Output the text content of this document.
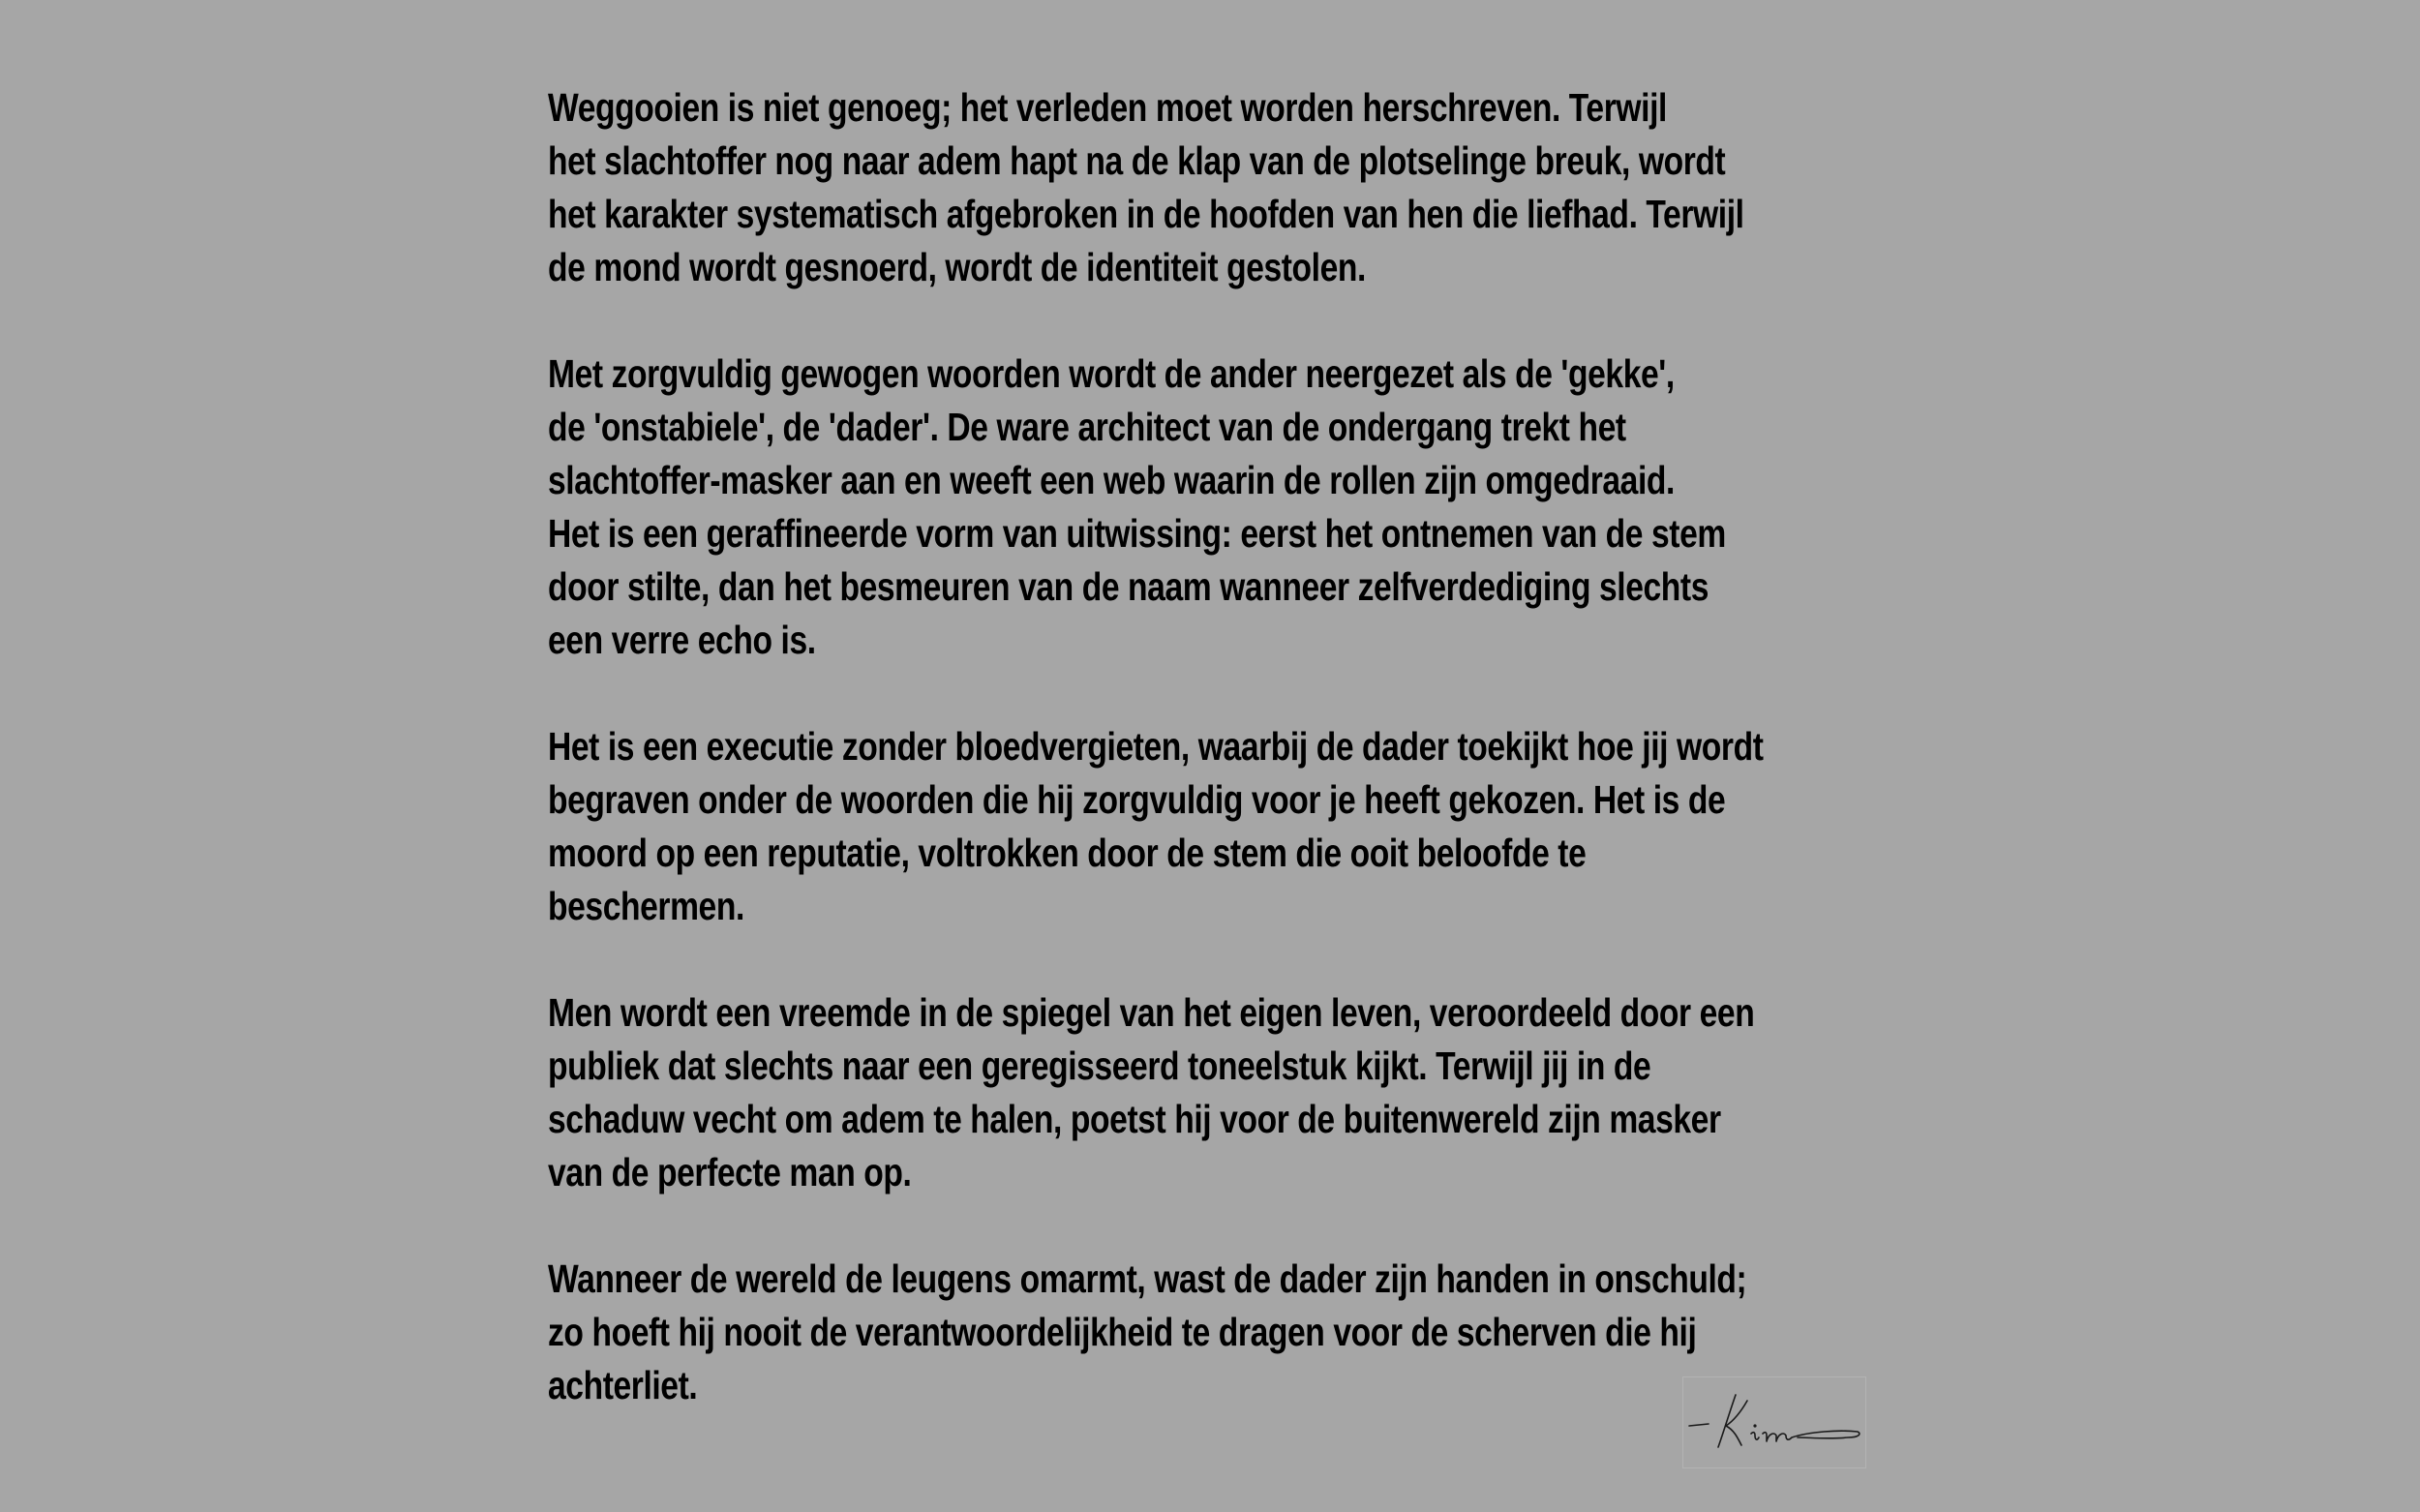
Weggooien is niet genoeg; het verleden moet worden herschreven. Terwijl
het slachtoffer nog naar adem hapt na de klap van de plotselinge breuk, wordt
het karakter systematisch afgebroken in de hoofden van hen die liefhad. Terwijl
de mond wordt gesnoerd, wordt de identiteit gestolen.

Met zorgvuldig gewogen woorden wordt de ander neergezet als de 'gekke',
de 'onstabiele', de 'dader'. De ware architect van de ondergang trekt het
slachtoffer-masker aan en weeft een web waarin de rollen zijn omgedraaid.
Het is een geraffineerde vorm van uitwissing: eerst het ontnemen van de stem
door stilte, dan het besmeuren van de naam wanneer zelfverdediging slechts
een verre echo is.

Het is een executie zonder bloedvergieten, waarbij de dader toekijkt hoe jij wordt
begraven onder de woorden die hij zorgvuldig voor je heeft gekozen. Het is de
moord op een reputatie, voltrokken door de stem die ooit beloofde te
beschermen.

Men wordt een vreemde in de spiegel van het eigen leven, veroordeeld door een
publiek dat slechts naar een geregisseerd toneelstuk kijkt. Terwijl jij in de
schaduw vecht om adem te halen, poetst hij voor de buitenwereld zijn masker
van de perfecte man op.

Wanneer de wereld de leugens omarmt, wast de dader zijn handen in onschuld;
zo hoeft hij nooit de verantwoordelijkheid te dragen voor de scherven die hij
achterliet.
